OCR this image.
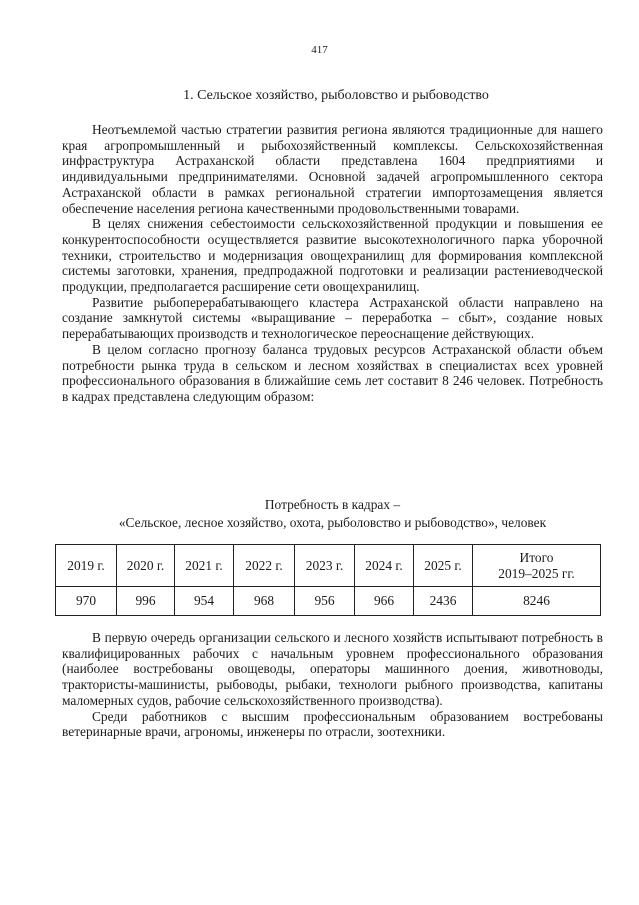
417
1. Сельское хозяйство, рыболовство и рыбоводство

Неотъемлемой частью стратегии развития региона являются традиционные для нашего края агропромышленный и рыбохозяйственный комплексы. Сельскохозяйственная инфраструктура Астраханской области представлена 1604 предприятиями и индивидуальными предпринимателями. Основной задачей агропромышленного сектора Астраханской области в рамках региональной стратегии импортозамещения является обеспечение населения региона качественными продовольственными товарами.

В целях снижения себестоимости сельскохозяйственной продукции и повышения ее конкурентоспособности осуществляется развитие высокотехнологичного парка уборочной техники, строительство и модернизация овощехранилищ для формирования комплексной системы заготовки, хранения, предпродажной подготовки и реализации растениеводческой продукции, предполагается расширение сети овощехранилищ.

Развитие рыбоперерабатывающего кластера Астраханской области направлено на создание замкнутой системы «выращивание – переработка – сбыт», создание новых перерабатывающих производств и технологическое переоснащение действующих.

В целом согласно прогнозу баланса трудовых ресурсов Астраханской области объем потребности рынка труда в сельском и лесном хозяйствах в специалистах всех уровней профессионального образования в ближайшие семь лет составит 8 246 человек. Потребность в кадрах представлена следующим образом:

Потребность в кадрах –
«Сельское, лесное хозяйство, охота, рыболовство и рыбоводство», человек
2019 г.	2020 г.	2021 г.	2022 г.	2023 г.	2024 г.	2025 г.	Итого
2019–2025 гг.

970	996	954	968	956	966	2436	8246

В первую очередь организации сельского и лесного хозяйств испытывают потребность в квалифицированных рабочих с начальным уровнем профессионального образования (наиболее востребованы овощеводы, операторы машинного доения, животноводы, трактористы-машинисты, рыбоводы, рыбаки, технологи рыбного производства, капитаны маломерных судов, рабочие сельскохозяйственного производства).

Среди работников с высшим профессиональным образованием востребованы ветеринарные врачи, агрономы, инженеры по отрасли, зоотехники.
